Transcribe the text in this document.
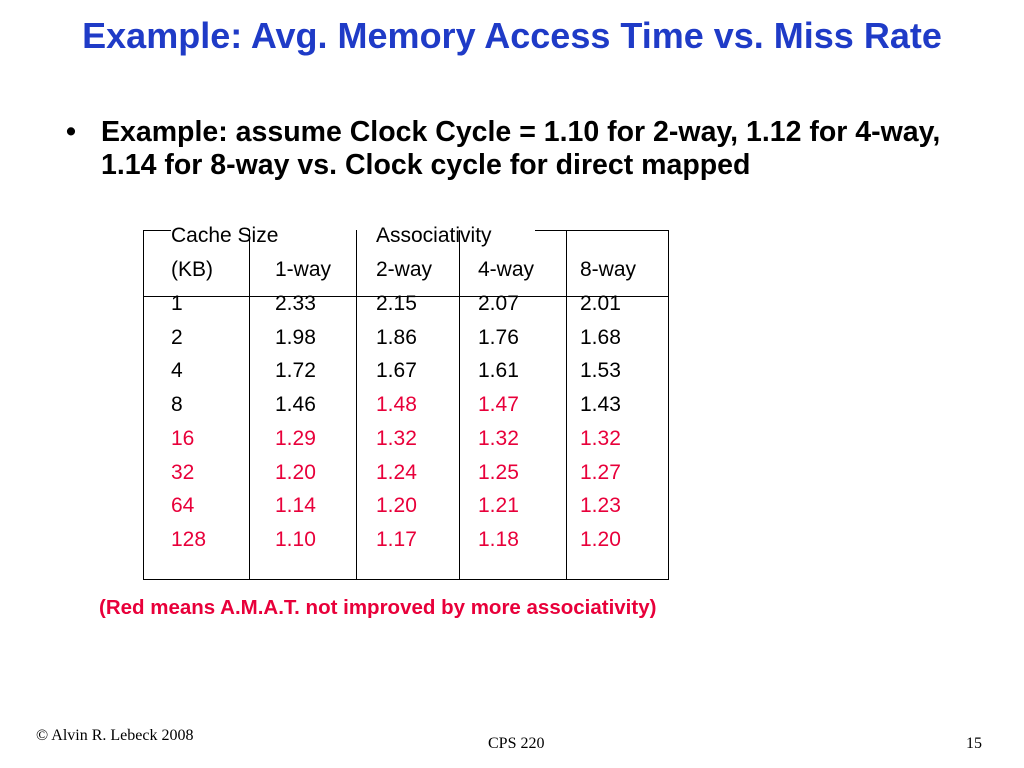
Example: Avg. Memory Access Time vs. Miss Rate
• Example: assume Clock Cycle = 1.10 for 2-way, 1.12 for 4-way, 1.14 for 8-way vs. Clock cycle for direct mapped
Cache Size	Associativity
(KB)	1-way 2-way 4-way 8-way
1	2.33	2.15	2.07	2.01
2	1.98	1.86	1.76	1.68
4	1.72	1.67	1.61	1.53
8	1.46	1.48	1.47	1.43
16	1.29	1.32	1.32	1.32
32	1.20	1.24	1.25	1.27
64	1.14	1.20	1.21	1.23
128	1.10	1.17	1.18	1.20
(Red means A.M.A.T. not improved by more associativity)
© Alvin R. Lebeck 2008	CPS 220	15
